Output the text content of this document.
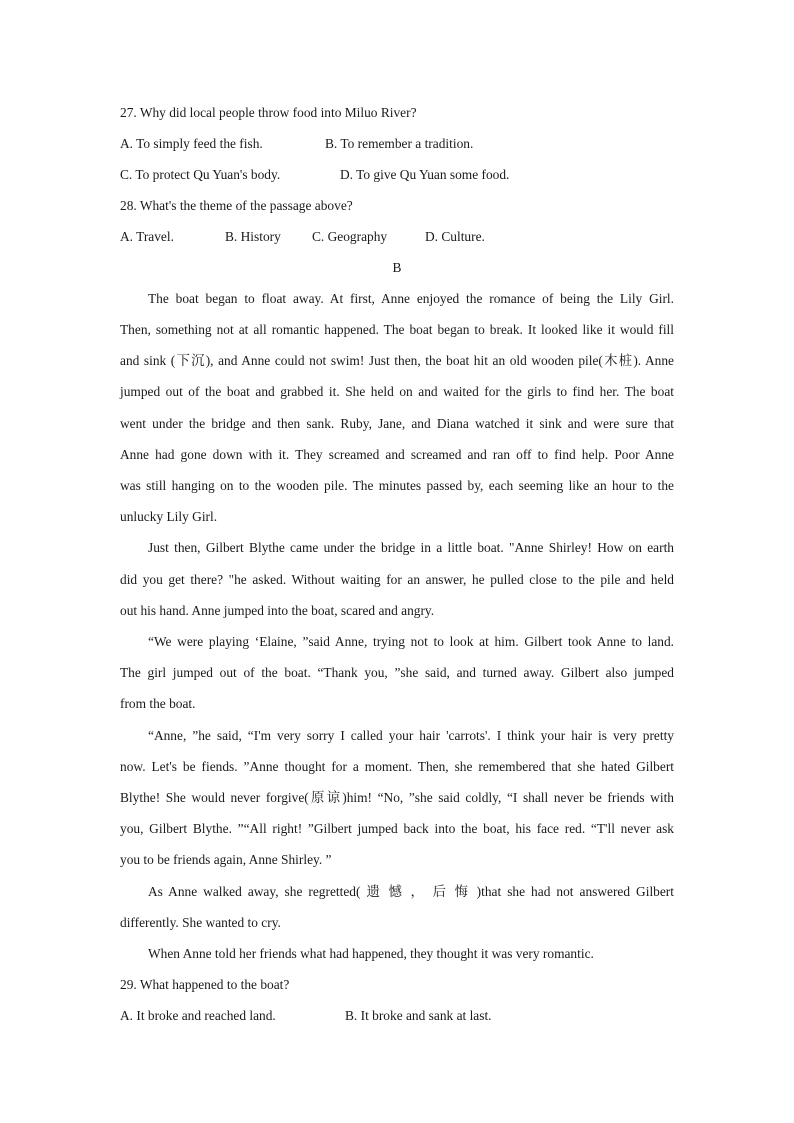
27. Why did local people throw food into Miluo River?
A. To simply feed the fish.	B. To remember a tradition.
C. To protect Qu Yuan's body.	D. To give Qu Yuan some food.
28. What's the theme of the passage above?
A. Travel.	B. History C. Geography	D. Culture.
B
The boat began to float away. At first, Anne enjoyed the romance of being the Lily Girl.
Then, something not at all romantic happened. The boat began to break. It looked like it would fill
and sink (下沉), and Anne could not swim! Just then, the boat hit an old wooden pile(木桩). Anne
jumped out of the boat and grabbed it. She held on and waited for the girls to find her. The boat
went under the bridge and then sank. Ruby, Jane, and Diana watched it sink and were sure that
Anne had gone down with it. They screamed and screamed and ran off to find help. Poor Anne
was still hanging on to the wooden pile. The minutes passed by, each seeming like an hour to the
unlucky Lily Girl.
Just then, Gilbert Blythe came under the bridge in a little boat. "Anne Shirley! How on earth
did you get there? "he asked. Without waiting for an answer, he pulled close to the pile and held
out his hand. Anne jumped into the boat, scared and angry.
“We were playing ‘Elaine, ”said Anne, trying not to look at him. Gilbert took Anne to land.
The girl jumped out of the boat. “Thank you, ”she said, and turned away. Gilbert also jumped
from the boat.
“Anne, ”he said, “I'm very sorry I called your hair 'carrots'. I think your hair is very pretty
now. Let's be fiends. ”Anne thought for a moment. Then, she remembered that she hated Gilbert
Blythe! She would never forgive(原谅)him! “No, ”she said coldly, “I shall never be friends with
you, Gilbert Blythe. ”“All right! ”Gilbert jumped back into the boat, his face red. “T'll never ask
you to be friends again, Anne Shirley. ”
As Anne walked away, she regretted( 遗 憾 ， 后 悔 )that she had not answered Gilbert
differently. She wanted to cry.
When Anne told her friends what had happened, they thought it was very romantic.
29. What happened to the boat?
A. It broke and reached land.	B. It broke and sank at last.
